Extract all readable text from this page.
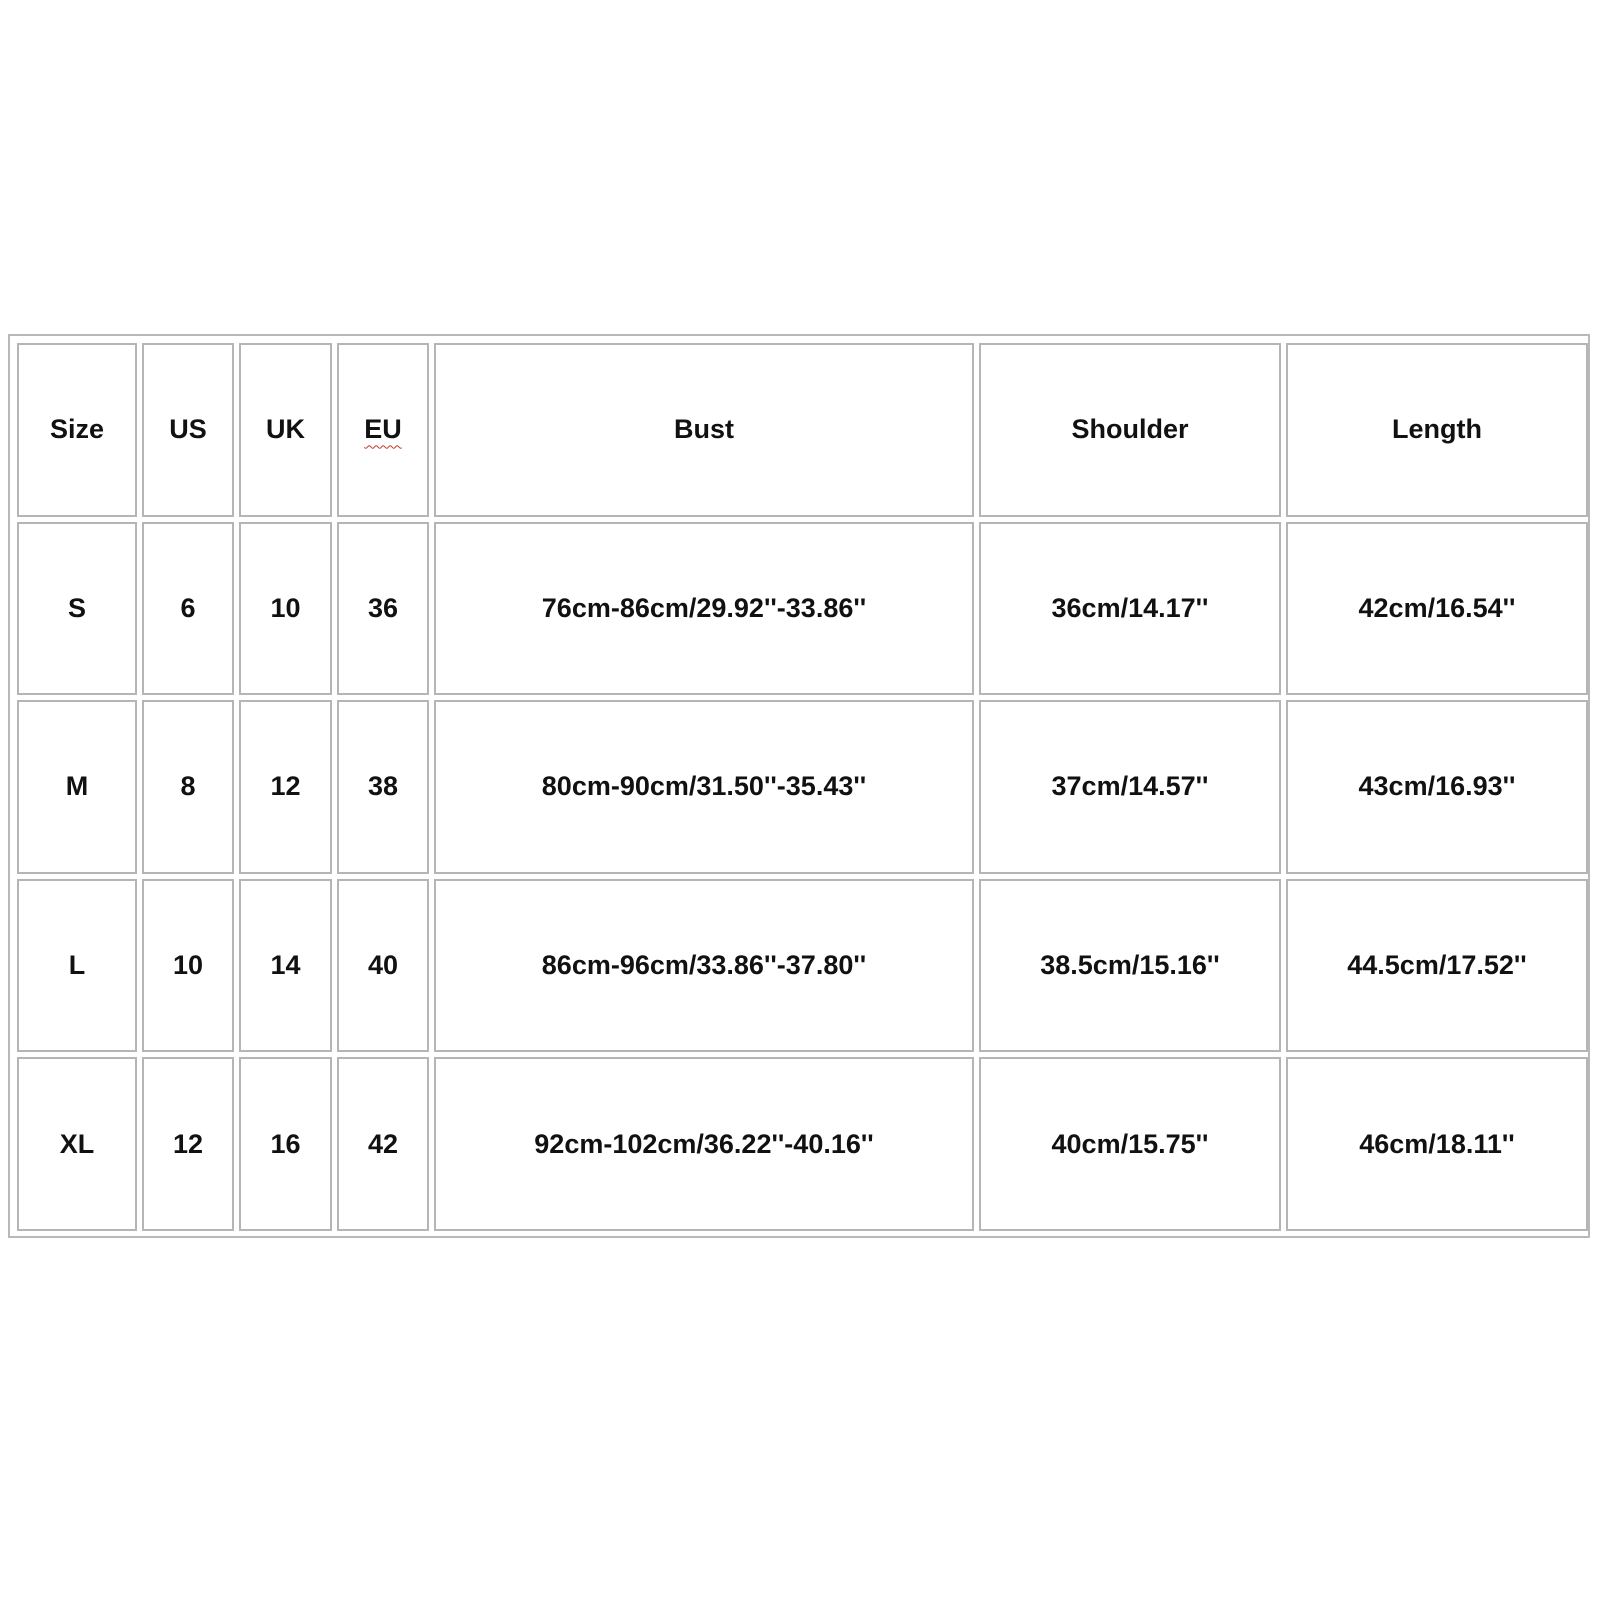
Size	US	UK	EU	Bust	Shoulder	Length
S	6	10	36	76cm-86cm/29.92''-33.86''	36cm/14.17''	42cm/16.54''
M	8	12	38	80cm-90cm/31.50''-35.43''	37cm/14.57''	43cm/16.93''
L	10	14	40	86cm-96cm/33.86''-37.80''	38.5cm/15.16''	44.5cm/17.52''
XL	12	16	42	92cm-102cm/36.22''-40.16''	40cm/15.75''	46cm/18.11''
